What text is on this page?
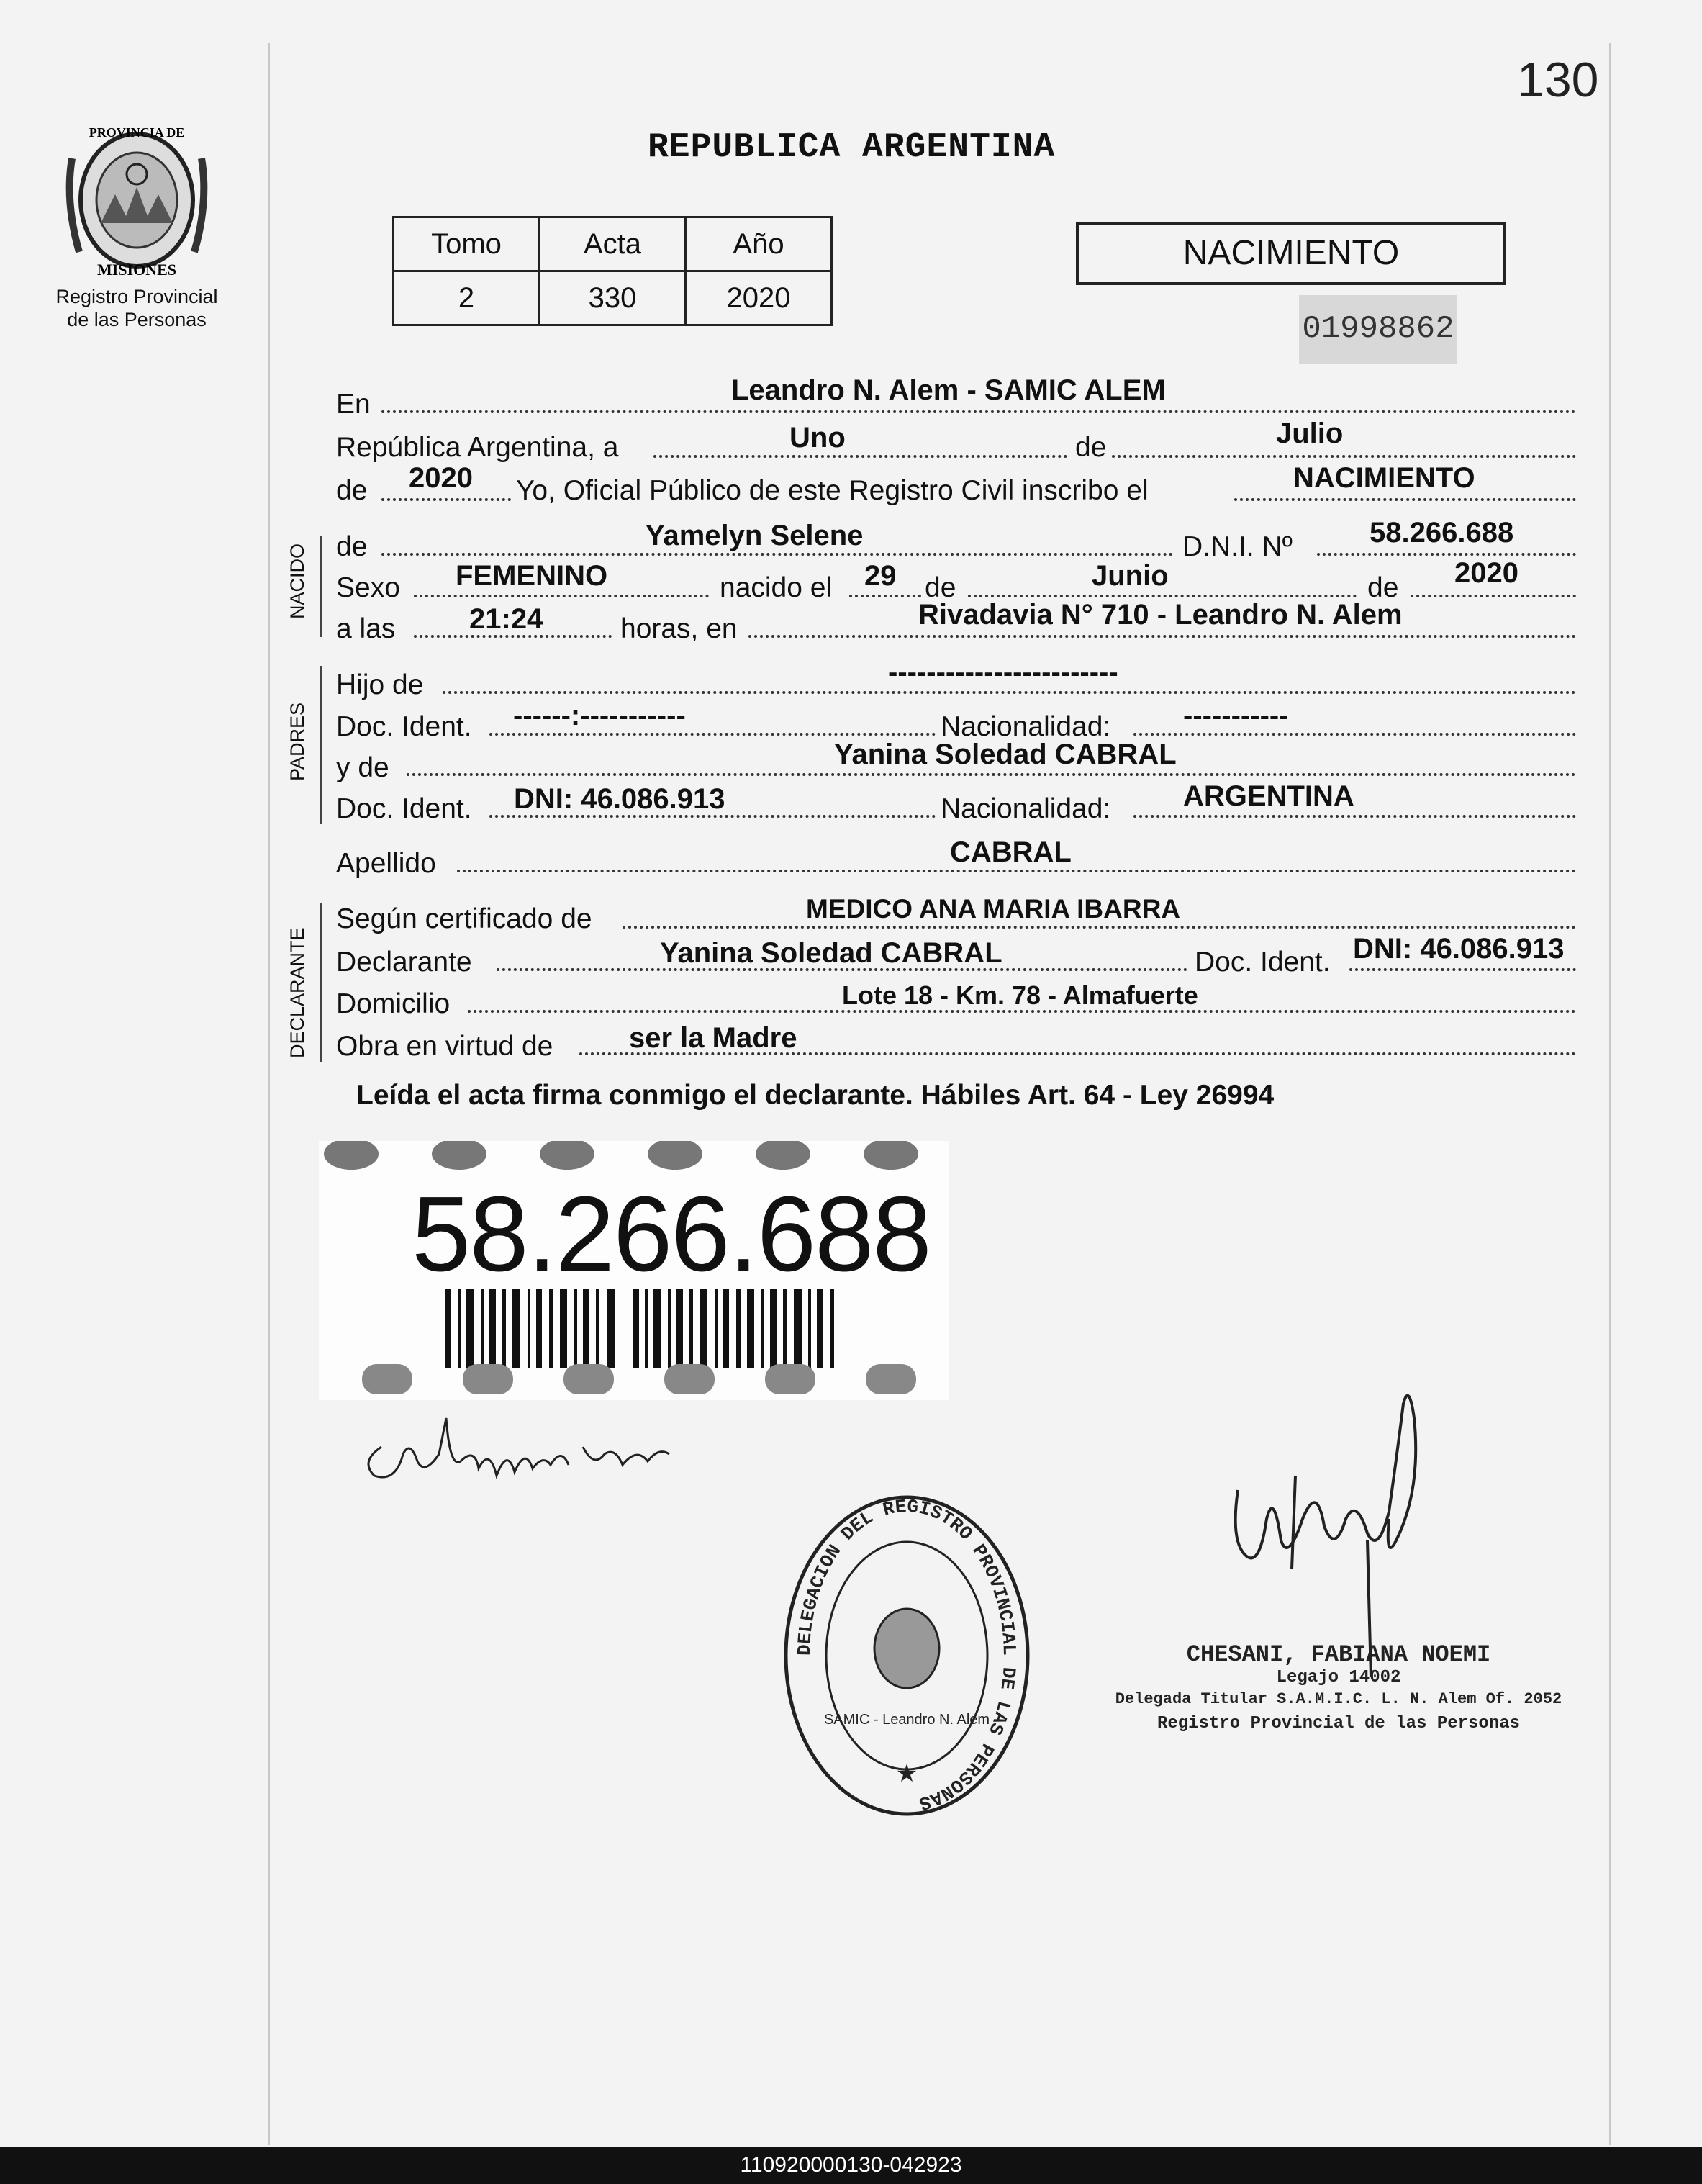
130
PROVINCIA DE
MISIONES
Registro Provincial
de las Personas
REPUBLICA ARGENTINA
Tomo	Acta	Año
2	330	2020
NACIMIENTO
01998862
NACIDO
PADRES
DECLARANTE
En	Leandro N. Alem - SAMIC ALEM
República Argentina, a	Uno	de	Julio
de 2020 Yo, Oficial Público de este Registro Civil inscribo el	NACIMIENTO
de	Yamelyn Selene	D.N.I. Nº	58.266.688
Sexo FEMENINO	nacido el 29 de	Junio	de 2020
a las	21:24	horas, en	Rivadavia N° 710 - Leandro N. Alem
Hijo de	------------------------
Doc. Ident. ------:-----------	Nacionalidad:	-----------
y de	Yanina Soledad CABRAL
Doc. Ident. DNI: 46.086.913	Nacionalidad:	ARGENTINA
Apellido	CABRAL
Según certificado de	MEDICO ANA MARIA IBARRA
Declarante	Yanina Soledad CABRAL	Doc. Ident. DNI: 46.086.913
Domicilio	Lote 18 - Km. 78 - Almafuerte
Obra en virtud de	ser la Madre
Leída el acta firma conmigo el declarante. Hábiles Art. 64 - Ley 26994
58.266.688
DELEGACION DEL REGISTRO PROVINCIAL DE LAS PERSONAS
SAMIC - Leandro N. Alem
★
CHESANI, FABIANA NOEMI
Legajo 14002
Delegada Titular S.A.M.I.C. L. N. Alem Of. 2052
Registro Provincial de las Personas
110920000130-042923
